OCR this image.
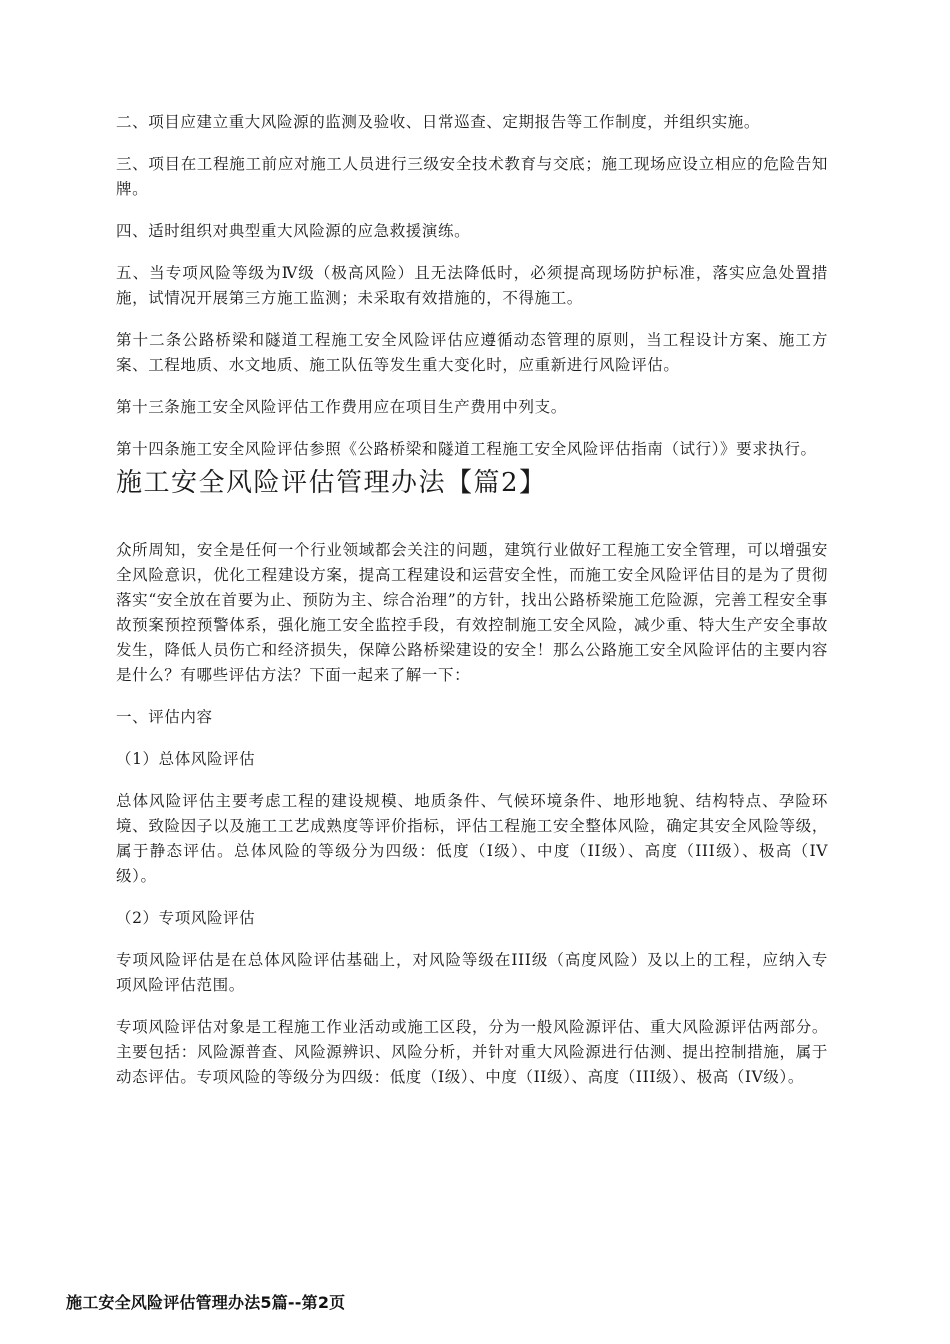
二、项目应建立重大风险源的监测及验收、日常巡查、定期报告等工作制度，并组织实施。

三、项目在工程施工前应对施工人员进行三级安全技术教育与交底；施工现场应设立相应的危险告知牌。

四、适时组织对典型重大风险源的应急救援演练。

五、当专项风险等级为Ⅳ级（极高风险）且无法降低时，必须提高现场防护标准，落实应急处置措施，试情况开展第三方施工监测；未采取有效措施的，不得施工。

第十二条公路桥梁和隧道工程施工安全风险评估应遵循动态管理的原则，当工程设计方案、施工方案、工程地质、水文地质、施工队伍等发生重大变化时，应重新进行风险评估。

第十三条施工安全风险评估工作费用应在项目生产费用中列支。

第十四条施工安全风险评估参照《公路桥梁和隧道工程施工安全风险评估指南（试行）》要求执行。

施工安全风险评估管理办法【篇2】

众所周知，安全是任何一个行业领域都会关注的问题，建筑行业做好工程施工安全管理，可以增强安全风险意识，优化工程建设方案，提高工程建设和运营安全性，而施工安全风险评估目的是为了贯彻落实“安全放在首要为止、预防为主、综合治理”的方针，找出公路桥梁施工危险源，完善工程安全事故预案预控预警体系，强化施工安全监控手段，有效控制施工安全风险，减少重、特大生产安全事故发生，降低人员伤亡和经济损失，保障公路桥梁建设的安全！那么公路施工安全风险评估的主要内容是什么？有哪些评估方法？下面一起来了解一下：

一、评估内容

（1）总体风险评估

总体风险评估主要考虑工程的建设规模、地质条件、气候环境条件、地形地貌、结构特点、孕险环境、致险因子以及施工工艺成熟度等评价指标，评估工程施工安全整体风险，确定其安全风险等级，属于静态评估。总体风险的等级分为四级：低度（I级）、中度（II级）、高度（III级）、极高（IV级）。

（2）专项风险评估

专项风险评估是在总体风险评估基础上，对风险等级在III级（高度风险）及以上的工程，应纳入专项风险评估范围。

专项风险评估对象是工程施工作业活动或施工区段，分为一般风险源评估、重大风险源评估两部分。主要包括：风险源普查、风险源辨识、风险分析，并针对重大风险源进行估测、提出控制措施，属于动态评估。专项风险的等级分为四级：低度（I级）、中度（II级）、高度（III级）、极高（IV级）。

施工安全风险评估管理办法5篇--第2页
